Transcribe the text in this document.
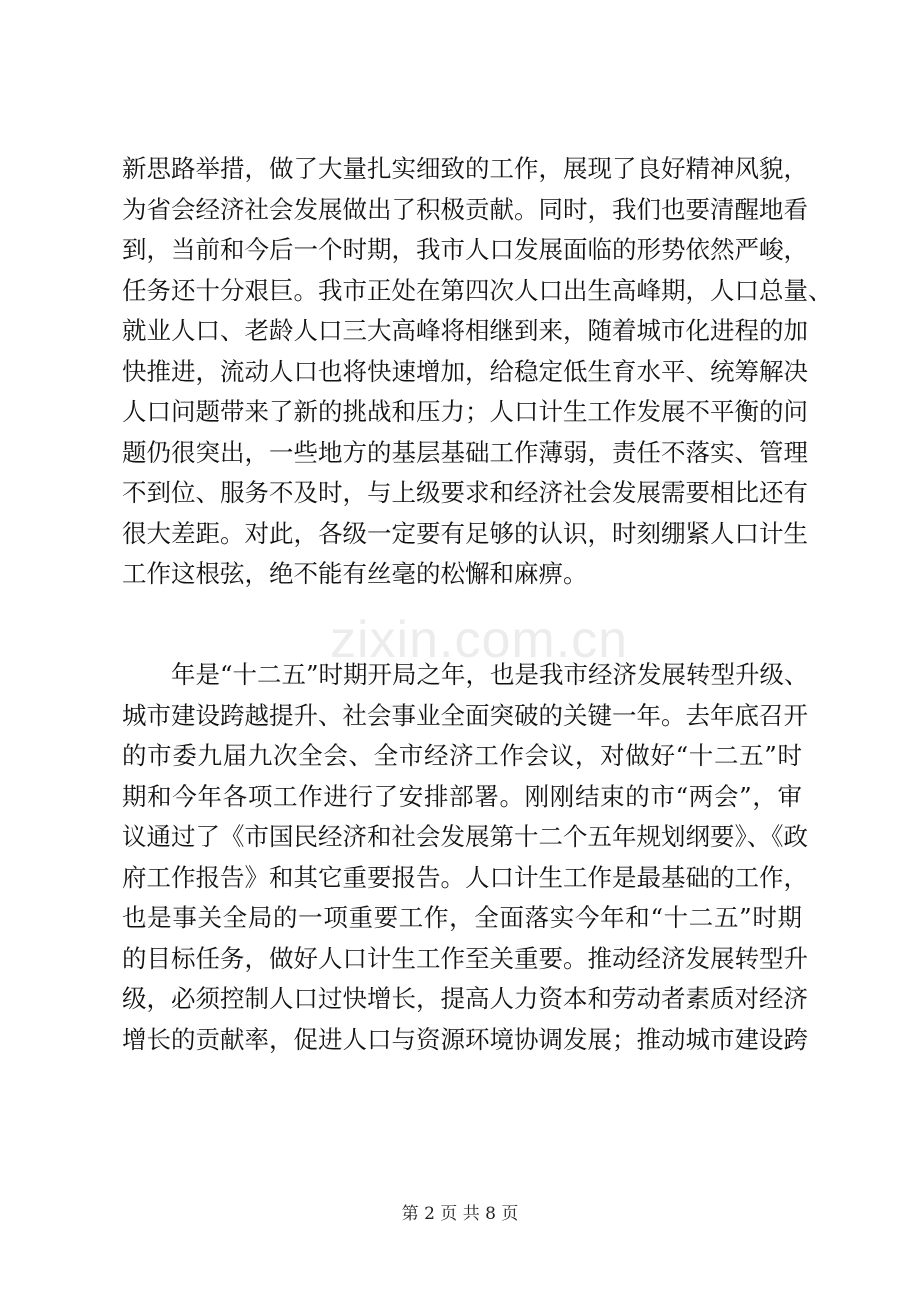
zixin.com.cn
新思路举措，做了大量扎实细致的工作，展现了良好精神风貌，
为省会经济社会发展做出了积极贡献。同时，我们也要清醒地看
到，当前和今后一个时期，我市人口发展面临的形势依然严峻，
任务还十分艰巨。我市正处在第四次人口出生高峰期，人口总量、
就业人口、老龄人口三大高峰将相继到来，随着城市化进程的加
快推进，流动人口也将快速增加，给稳定低生育水平、统筹解决
人口问题带来了新的挑战和压力；人口计生工作发展不平衡的问
题仍很突出，一些地方的基层基础工作薄弱，责任不落实、管理
不到位、服务不及时，与上级要求和经济社会发展需要相比还有
很大差距。对此，各级一定要有足够的认识，时刻绷紧人口计生
工作这根弦，绝不能有丝毫的松懈和麻痹。
年是“十二五”时期开局之年，也是我市经济发展转型升级、
城市建设跨越提升、社会事业全面突破的关键一年。去年底召开
的市委九届九次全会、全市经济工作会议，对做好“十二五”时
期和今年各项工作进行了安排部署。刚刚结束的市“两会”，审
议通过了《市国民经济和社会发展第十二个五年规划纲要》、《政
府工作报告》和其它重要报告。人口计生工作是最基础的工作，
也是事关全局的一项重要工作，全面落实今年和“十二五”时期
的目标任务，做好人口计生工作至关重要。推动经济发展转型升
级，必须控制人口过快增长，提高人力资本和劳动者素质对经济
增长的贡献率，促进人口与资源环境协调发展；推动城市建设跨
第 2 页 共 8 页
